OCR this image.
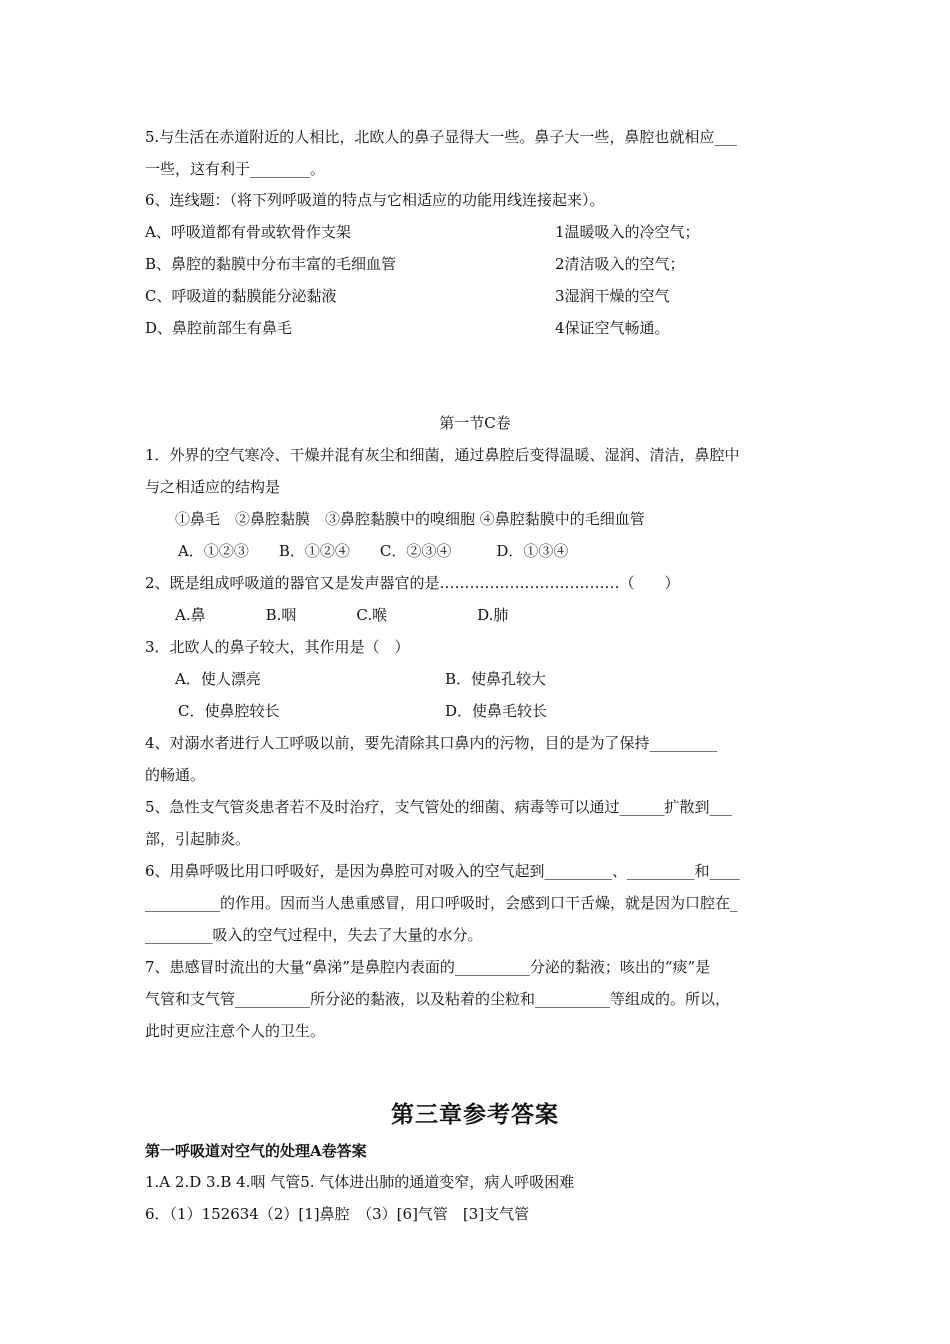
5.与生活在赤道附近的人相比，北欧人的鼻子显得大一些。鼻子大一些，鼻腔也就相应___
一些，这有利于________。
6、连线题：（将下列呼吸道的特点与它相适应的功能用线连接起来）。
A、呼吸道都有骨或软骨作支架	1温暖吸入的冷空气；
B、鼻腔的黏膜中分布丰富的毛细血管	2清洁吸入的空气；
C、呼吸道的黏膜能分泌黏液	3湿润干燥的空气
D、鼻腔前部生有鼻毛	4保证空气畅通。
第一节C卷
1．外界的空气寒冷、干燥并混有灰尘和细菌，通过鼻腔后变得温暖、湿润、清洁，鼻腔中
与之相适应的结构是
①鼻毛　②鼻腔黏膜　③鼻腔黏膜中的嗅细胞 ④鼻腔黏膜中的毛细血管
A．①②③　　B．①②④　　C．②③④　　　D．①③④
2、既是组成呼吸道的器官又是发声器官的是………………………………（　　）
A.鼻　　　　B.咽　　　　C.喉　　　　　　D.肺
3．北欧人的鼻子较大，其作用是（　）
A．使人漂亮	B．使鼻孔较大
C．使鼻腔较长	D．使鼻毛较长
4、对溺水者进行人工呼吸以前，要先清除其口鼻内的污物，目的是为了保持_________
的畅通。
5、急性支气管炎患者若不及时治疗，支气管处的细菌、病毒等可以通过______扩散到___
部，引起肺炎。
6、用鼻呼吸比用口呼吸好，是因为鼻腔可对吸入的空气起到_________、_________和____
__________的作用。因而当人患重感冒，用口呼吸时，会感到口干舌燥，就是因为口腔在_
_________吸入的空气过程中，失去了大量的水分。
7、患感冒时流出的大量“鼻涕”是鼻腔内表面的__________分泌的黏液；咳出的“痰”是
气管和支气管__________所分泌的黏液，以及粘着的尘粒和__________等组成的。所以，
此时更应注意个人的卫生。
第三章参考答案
第一呼吸道对空气的处理A卷答案
1.A 2.D 3.B 4.咽 气管5. 气体进出肺的通道变窄，病人呼吸困难
6．（1）152634（2）[1]鼻腔　（3）[6]气管　[3]支气管
